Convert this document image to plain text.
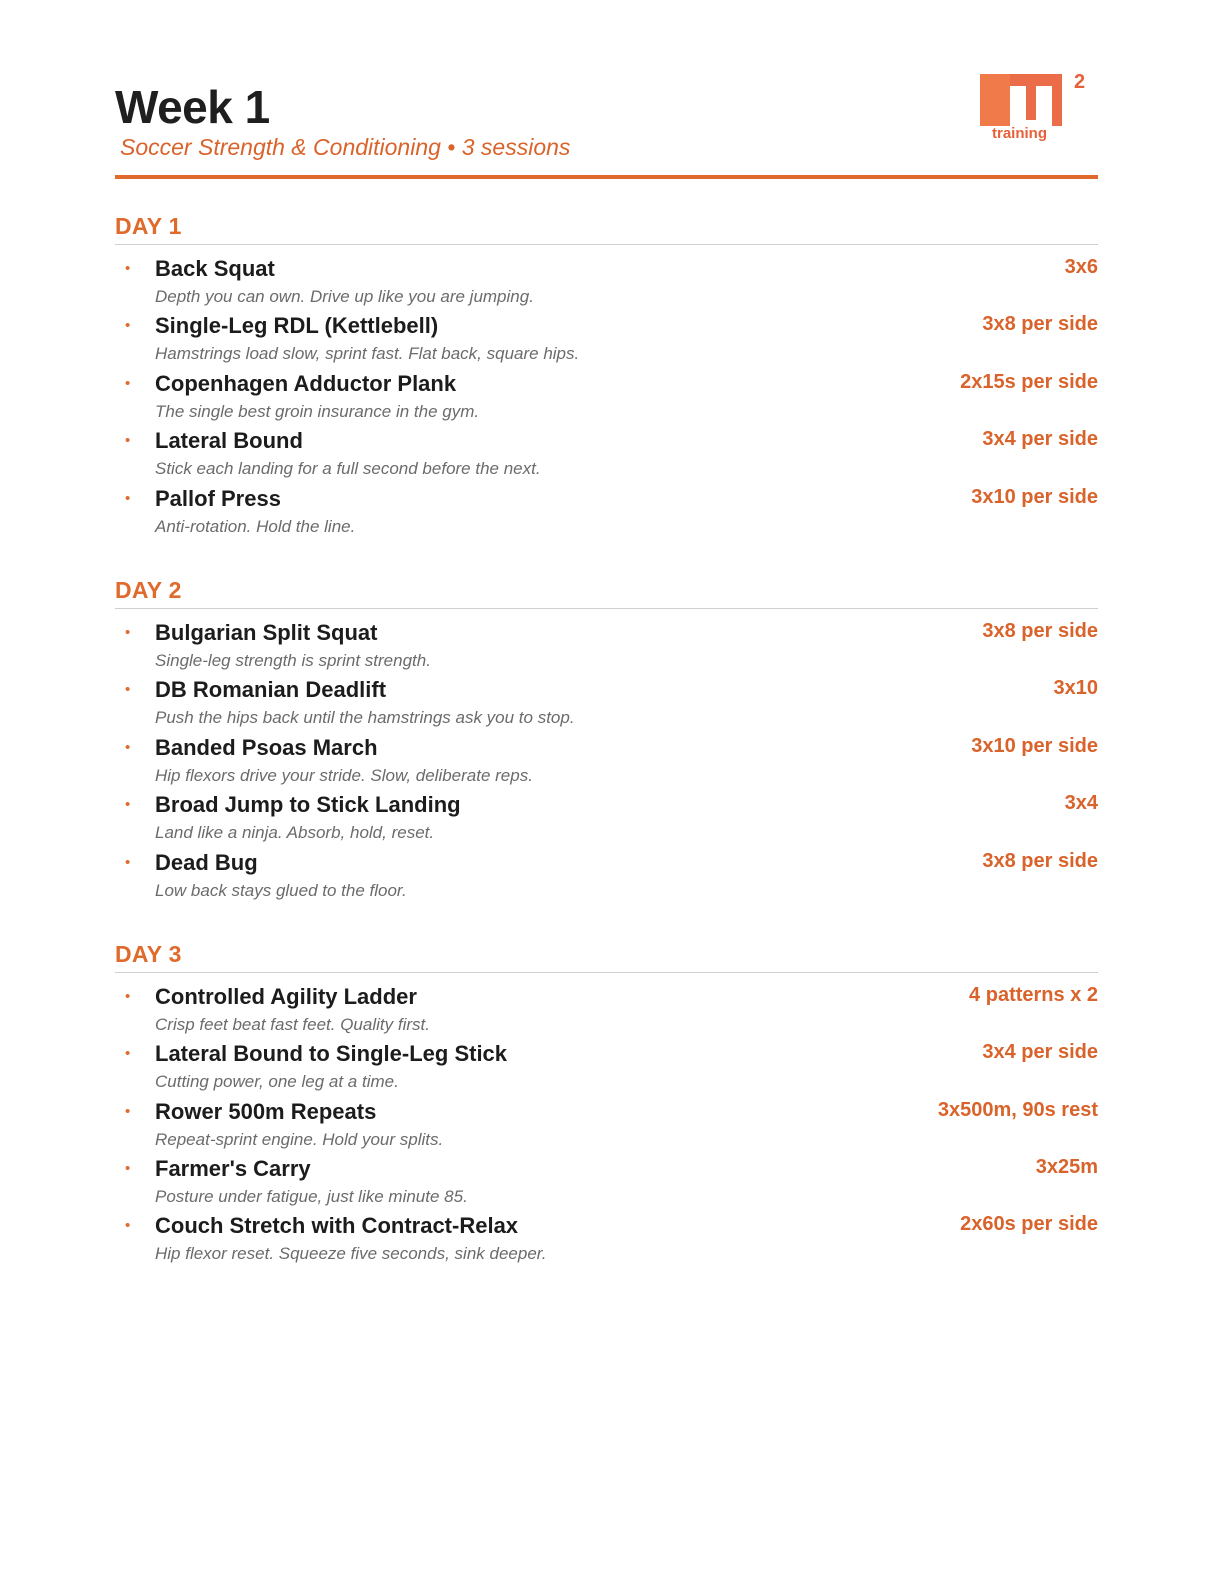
Week 1
Soccer Strength & Conditioning • 3 sessions
2
training
DAY 1
• Back Squat	3x6
Depth you can own. Drive up like you are jumping.
• Single-Leg RDL (Kettlebell)	3x8 per side
Hamstrings load slow, sprint fast. Flat back, square hips.
• Copenhagen Adductor Plank	2x15s per side
The single best groin insurance in the gym.
• Lateral Bound	3x4 per side
Stick each landing for a full second before the next.
• Pallof Press	3x10 per side
Anti-rotation. Hold the line.
DAY 2
• Bulgarian Split Squat	3x8 per side
Single-leg strength is sprint strength.
• DB Romanian Deadlift	3x10
Push the hips back until the hamstrings ask you to stop.
• Banded Psoas March	3x10 per side
Hip flexors drive your stride. Slow, deliberate reps.
• Broad Jump to Stick Landing	3x4
Land like a ninja. Absorb, hold, reset.
• Dead Bug	3x8 per side
Low back stays glued to the floor.
DAY 3
• Controlled Agility Ladder	4 patterns x 2
Crisp feet beat fast feet. Quality first.
• Lateral Bound to Single-Leg Stick	3x4 per side
Cutting power, one leg at a time.
• Rower 500m Repeats	3x500m, 90s rest
Repeat-sprint engine. Hold your splits.
• Farmer's Carry	3x25m
Posture under fatigue, just like minute 85.
• Couch Stretch with Contract-Relax	2x60s per side
Hip flexor reset. Squeeze five seconds, sink deeper.
